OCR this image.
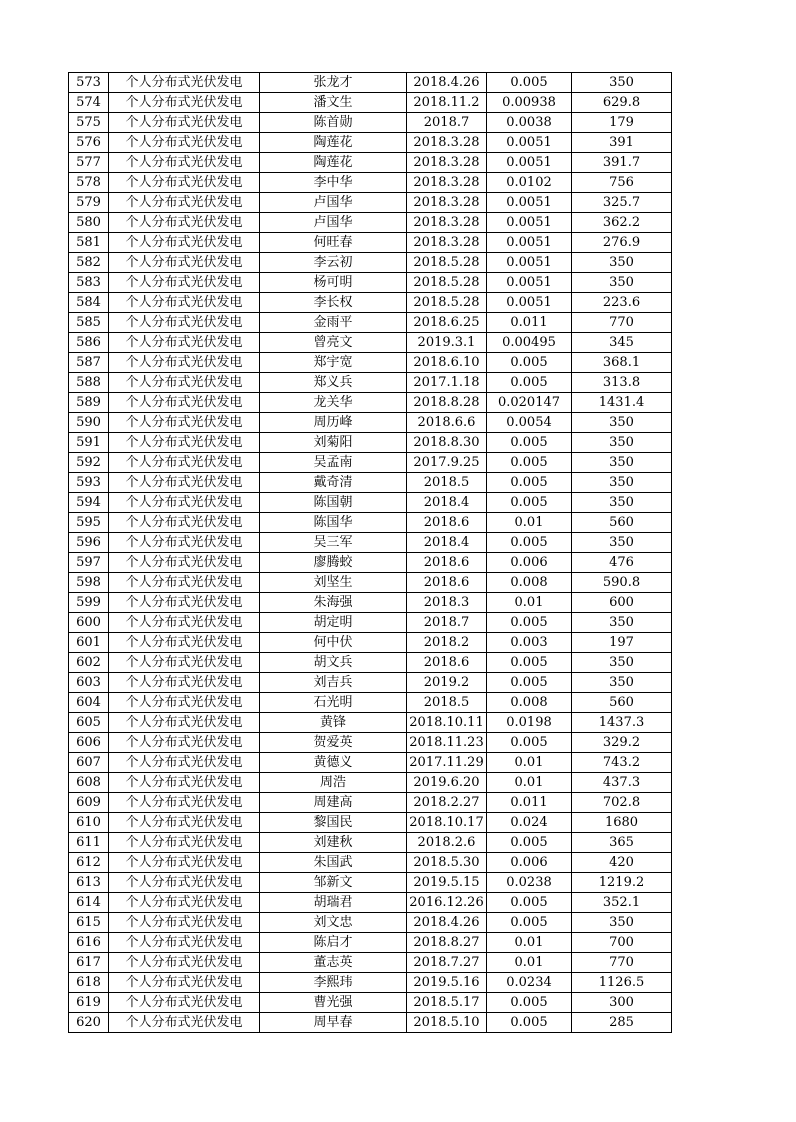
573	个人分布式光伏发电	张龙才	2018.4.26	0.005	350
574	个人分布式光伏发电	潘文生	2018.11.2	0.00938	629.8
575	个人分布式光伏发电	陈首勋	2018.7	0.0038	179
576	个人分布式光伏发电	陶莲花	2018.3.28	0.0051	391
577	个人分布式光伏发电	陶莲花	2018.3.28	0.0051	391.7
578	个人分布式光伏发电	李中华	2018.3.28	0.0102	756
579	个人分布式光伏发电	卢国华	2018.3.28	0.0051	325.7
580	个人分布式光伏发电	卢国华	2018.3.28	0.0051	362.2
581	个人分布式光伏发电	何旺春	2018.3.28	0.0051	276.9
582	个人分布式光伏发电	李云初	2018.5.28	0.0051	350
583	个人分布式光伏发电	杨可明	2018.5.28	0.0051	350
584	个人分布式光伏发电	李长权	2018.5.28	0.0051	223.6
585	个人分布式光伏发电	金雨平	2018.6.25	0.011	770
586	个人分布式光伏发电	曾亮文	2019.3.1	0.00495	345
587	个人分布式光伏发电	郑宇宽	2018.6.10	0.005	368.1
588	个人分布式光伏发电	郑义兵	2017.1.18	0.005	313.8
589	个人分布式光伏发电	龙关华	2018.8.28	0.020147	1431.4
590	个人分布式光伏发电	周历峰	2018.6.6	0.0054	350
591	个人分布式光伏发电	刘菊阳	2018.8.30	0.005	350
592	个人分布式光伏发电	吴孟南	2017.9.25	0.005	350
593	个人分布式光伏发电	戴奇清	2018.5	0.005	350
594	个人分布式光伏发电	陈国朝	2018.4	0.005	350
595	个人分布式光伏发电	陈国华	2018.6	0.01	560
596	个人分布式光伏发电	吴三军	2018.4	0.005	350
597	个人分布式光伏发电	廖腾蛟	2018.6	0.006	476
598	个人分布式光伏发电	刘坚生	2018.6	0.008	590.8
599	个人分布式光伏发电	朱海强	2018.3	0.01	600
600	个人分布式光伏发电	胡定明	2018.7	0.005	350
601	个人分布式光伏发电	何中伏	2018.2	0.003	197
602	个人分布式光伏发电	胡文兵	2018.6	0.005	350
603	个人分布式光伏发电	刘吉兵	2019.2	0.005	350
604	个人分布式光伏发电	石光明	2018.5	0.008	560
605	个人分布式光伏发电	黄锋	2018.10.11	0.0198	1437.3
606	个人分布式光伏发电	贺爱英	2018.11.23	0.005	329.2
607	个人分布式光伏发电	黄德义	2017.11.29	0.01	743.2
608	个人分布式光伏发电	周浩	2019.6.20	0.01	437.3
609	个人分布式光伏发电	周建高	2018.2.27	0.011	702.8
610	个人分布式光伏发电	黎国民	2018.10.17	0.024	1680
611	个人分布式光伏发电	刘建秋	2018.2.6	0.005	365
612	个人分布式光伏发电	朱国武	2018.5.30	0.006	420
613	个人分布式光伏发电	邹新文	2019.5.15	0.0238	1219.2
614	个人分布式光伏发电	胡瑞君	2016.12.26	0.005	352.1
615	个人分布式光伏发电	刘文忠	2018.4.26	0.005	350
616	个人分布式光伏发电	陈启才	2018.8.27	0.01	700
617	个人分布式光伏发电	董志英	2018.7.27	0.01	770
618	个人分布式光伏发电	李熙玮	2019.5.16	0.0234	1126.5
619	个人分布式光伏发电	曹光强	2018.5.17	0.005	300
620	个人分布式光伏发电	周早春	2018.5.10	0.005	285
